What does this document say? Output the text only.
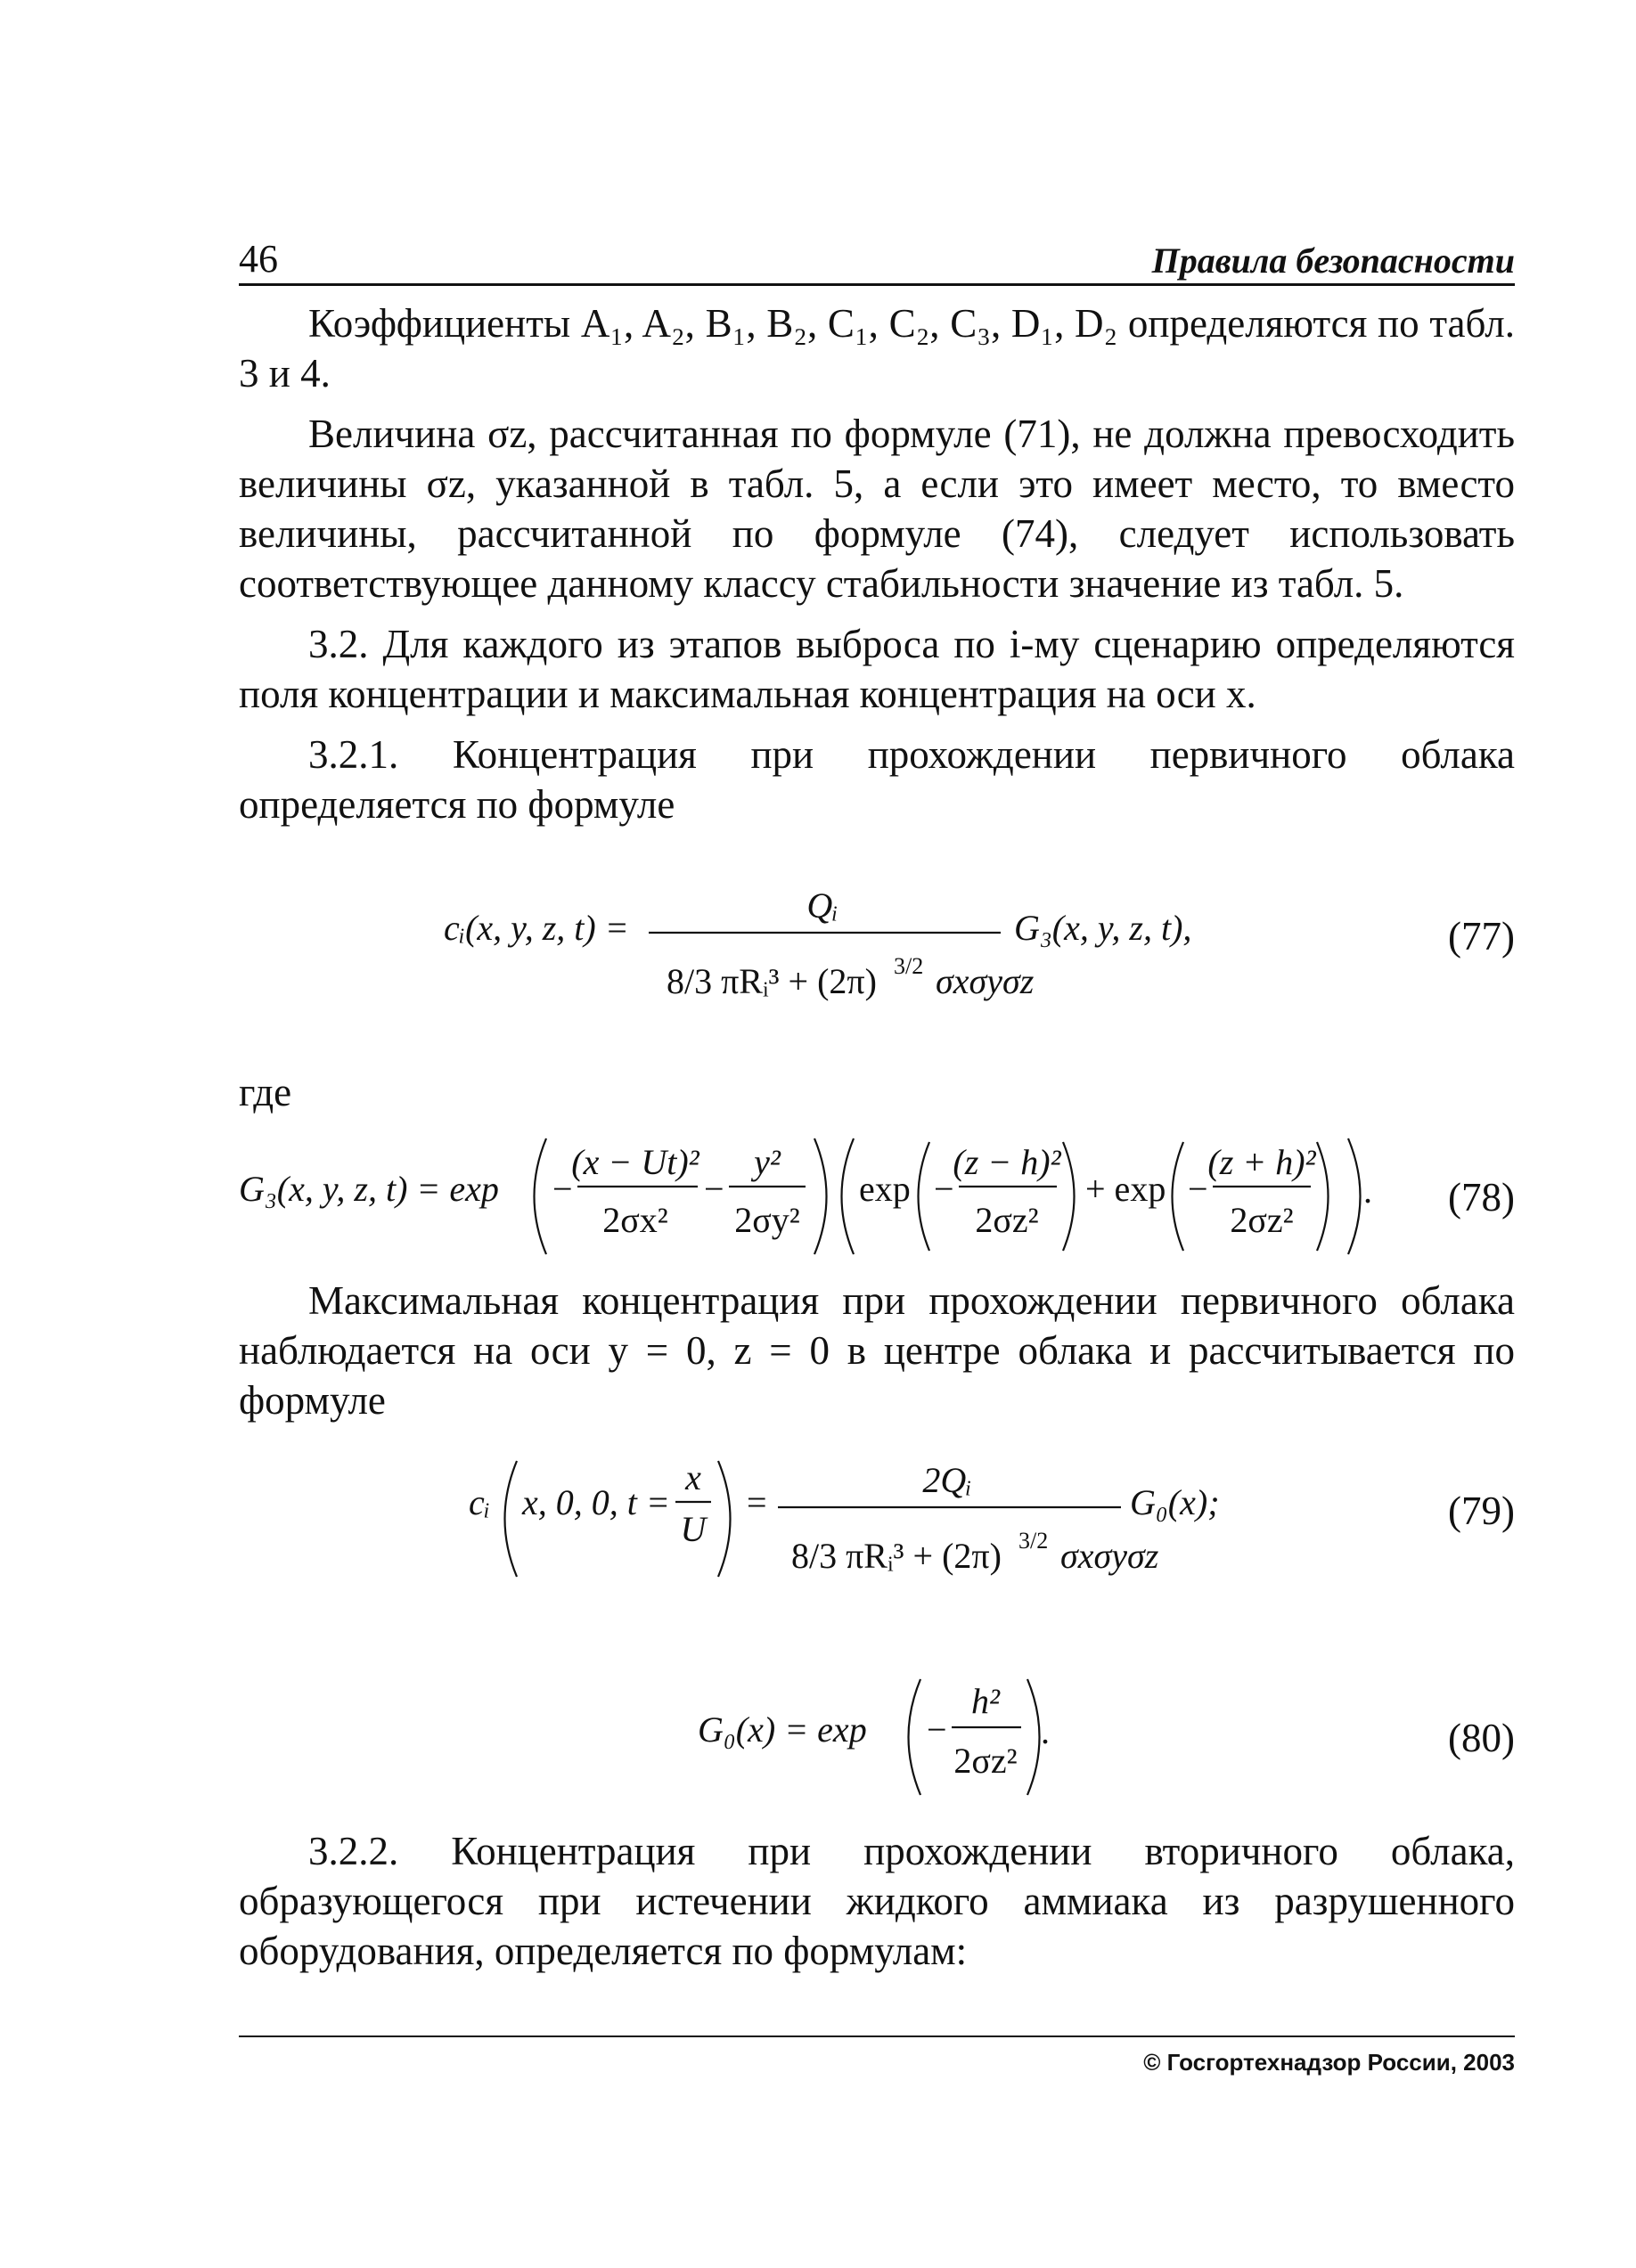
46	Правила безопасности

Коэффициенты A₁, A₂, B₁, B₂, C₁, C₂, C₃, D₁, D₂ определяются по табл. 3 и 4.

Величина σz, рассчитанная по формуле (71), не должна превосходить величины σz, указанной в табл. 5, а если это имеет место, то вместо величины, рассчитанной по формуле (74), следует использовать соответствующее данному классу стабильности значение из табл. 5.

3.2. Для каждого из этапов выброса по i-му сценарию определяются поля концентрации и максимальная концентрация на оси x.

3.2.1. Концентрация при прохождении первичного облака определяется по формуле

cᵢ(x, y, z, t) =
Qᵢ
8/3 πRᵢ³ + (2π) 3/2 σxσyσz
G₃(x, y, z, t),	(77)
где
G₃(x, y, z, t) = exp −
(x − Ut)²
2σx²
−
y²
2σy²
exp −
(z − h)²
2σz²
+ exp −
(z + h)²
2σz²
. (78)

Максимальная концентрация при прохождении первичного облака наблюдается на оси y = 0, z = 0 в центре облака и рассчитывается по формуле

cᵢ x, 0, 0, t =
x
U
=
2Qᵢ
8/3 πRᵢ³ + (2π) 3/2 σxσyσz
G₀(x);	(79)
G₀(x) = exp −
h²
2σz²
.	(80)

3.2.2. Концентрация при прохождении вторичного облака, образующегося при истечении жидкого аммиака из разрушенного оборудования, определяется по формулам:

© Госгортехнадзор России, 2003
